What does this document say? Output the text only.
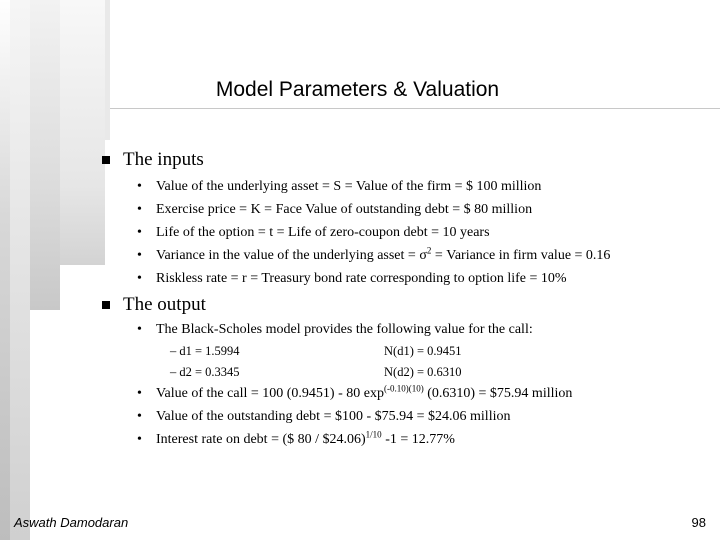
Model Parameters & Valuation
The inputs
• Value of the underlying asset = S = Value of the firm = $ 100 million
• Exercise price = K = Face Value of outstanding debt = $ 80 million
• Life of the option = t = Life of zero-coupon debt = 10 years
• Variance in the value of the underlying asset = $\sigma^2$ = Variance in firm value = 0.16
• Riskless rate = r = Treasury bond rate corresponding to option life = 10%
The output
• The Black-Scholes model provides the following value for the call:
– d1 = 1.5994	N(d1) = 0.9451
– d2 = 0.3345	N(d2) = 0.6310
• Value of the call = 100 (0.9451) - 80 $\exp^{(-0.10)(10)} (0.6310)$ = $75.94 million
• Value of the outstanding debt = $100 - $75.94 = $24.06 million
• Interest rate on debt = ($ 80 / $24.06)$^{1/10}$ -1 = 12.77%
Aswath Damodaran	98
